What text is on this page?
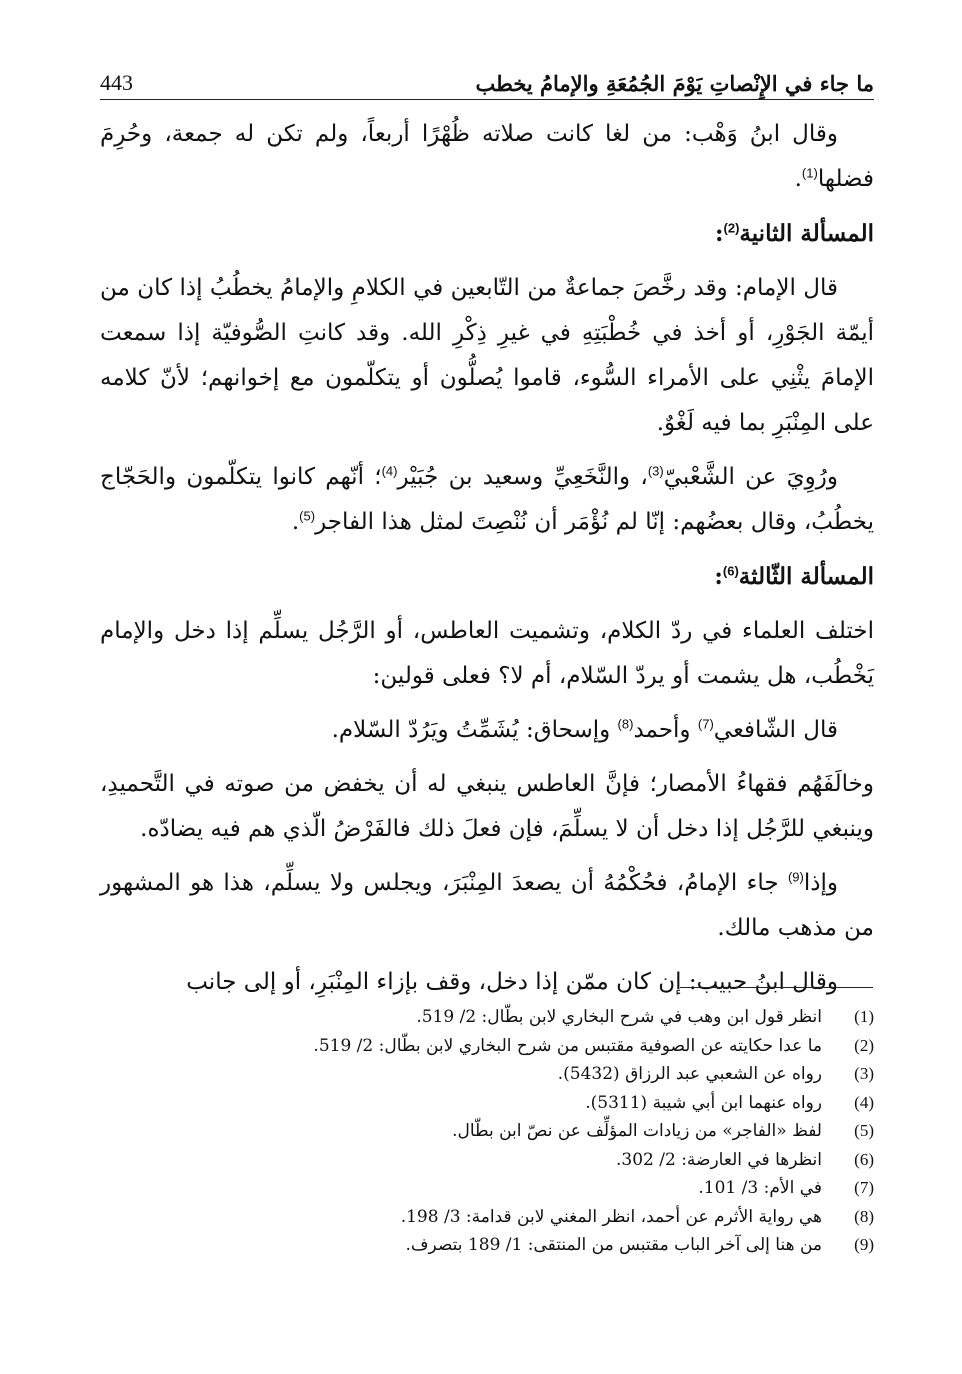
ما جاء في الإِنْصاتِ يَوْمَ الجُمُعَةِ والإمامُ يخطب
443

وقال ابنُ وَهْب: من لغا كانت صلاته ظُهْرًا أربعاً، ولم تكن له جمعة، وحُرِمَ فضلها$^{(1)}$.

المسألة الثانية$^{(2)}$:

قال الإمام: وقد رخَّصَ جماعةٌ من التّابعين في الكلامِ والإمامُ يخطُبُ إذا كان من أيمّة الجَوْرِ، أو أخذ في خُطْبَتِهِ في غيرِ ذِكْرِ الله. وقد كانتِ الصُّوفيّة إذا سمعت الإمامَ يثْنِي على الأمراء السُّوء، قاموا يُصلُّون أو يتكلّمون مع إخوانهم؛ لأنّ كلامه على المِنْبَرِ بما فيه لَغْوٌ.

ورُوِيَ عن الشَّعْبيّ$^{(3)}$، والنَّخَعِيِّ وسعيد بن جُبَيْر$^{(4)}$؛ أنّهم كانوا يتكلّمون والحَجّاج يخطُبُ، وقال بعضُهم: إنّا لم نُؤْمَر أن نُنْصِتَ لمثل هذا الفاجر$^{(5)}$.

المسألة الثّالثة$^{(6)}$:

اختلف العلماء في ردّ الكلام، وتشميت العاطس، أو الرَّجُل يسلِّم إذا دخل والإمام يَخْطُب، هل يشمت أو يردّ السّلام، أم لا؟ فعلى قولين:

قال الشّافعي$^{(7)}$ وأحمد$^{(8)}$ وإسحاق: يُشَمِّتُ ويَرُدّ السّلام.

وخالَفَهُم فقهاءُ الأمصار؛ فإنَّ العاطس ينبغي له أن يخفض من صوته في التَّحميدِ، وينبغي للرَّجُل إذا دخل أن لا يسلِّمَ، فإن فعلَ ذلك فالفَرْضُ الّذي هم فيه يضادّه.

وإذا$^{(9)}$ جاء الإمامُ، فحُكْمُهُ أن يصعدَ المِنْبَرَ، ويجلس ولا يسلِّم، هذا هو المشهور من مذهب مالك.

وقال ابنُ حبيب: إن كان ممّن إذا دخل، وقف بإزاء المِنْبَرِ، أو إلى جانب

(1)
انظر قول ابن وهب في شرح البخاري لابن بطّال: 2/ 519.
(2)
ما عدا حكايته عن الصوفية مقتبس من شرح البخاري لابن بطّال: 2/ 519.
(3)
رواه عن الشعبي عبد الرزاق (5432).
(4)
رواه عنهما ابن أبي شيبة (5311).
(5)
لفظ «الفاجر» من زيادات المؤلِّف عن نصّ ابن بطّال.
(6)
انظرها في العارضة: 2/ 302.
(7)
في الأم: 3/ 101.
(8)
هي رواية الأثرم عن أحمد، انظر المغني لابن قدامة: 3/ 198.
(9)
من هنا إلى آخر الباب مقتبس من المنتقى: 1/ 189 بتصرف.
